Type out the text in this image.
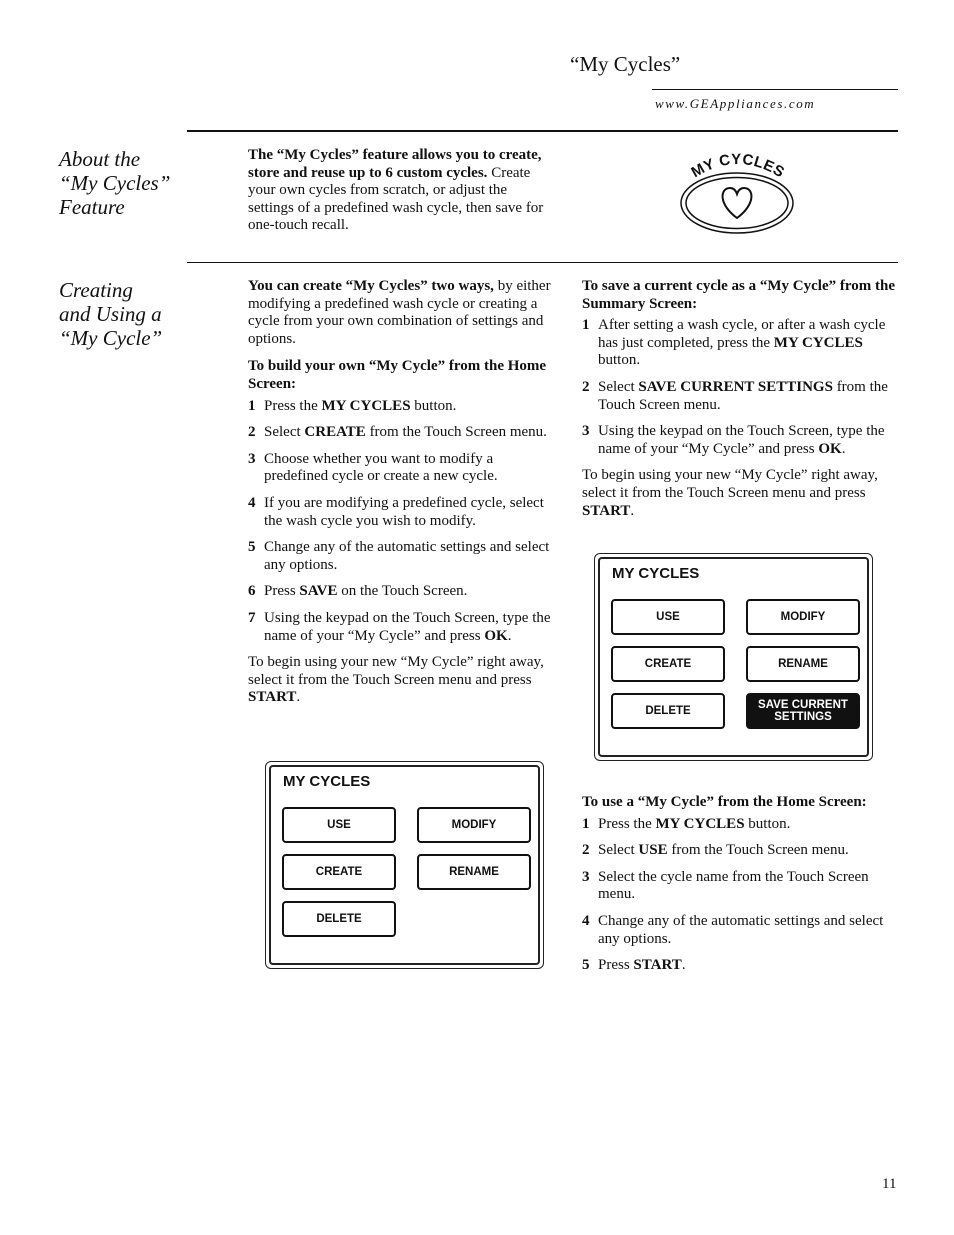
“My Cycles”
www.GEAppliances.com
About the
“My Cycles”
Feature
The “My Cycles” feature allows you to create, store and reuse up to 6 custom cycles. Create your own cycles from scratch, or adjust the settings of a predefined wash cycle, then save for one-touch recall.
MY CYCLES
Creating
and Using a
“My Cycle”

You can create “My Cycles” two ways, by either modifying a predefined wash cycle or creating a cycle from your own combination of settings and options.

To build your own “My Cycle” from the Home Screen:

1 Press the MY CYCLES button.
2 Select CREATE from the Touch Screen menu.
3 Choose whether you want to modify a predefined cycle or create a new cycle.
4 If you are modifying a predefined cycle, select the wash cycle you wish to modify.
5 Change any of the automatic settings and select any options.
6 Press SAVE on the Touch Screen.
7 Using the keypad on the Touch Screen, type the name of your “My Cycle” and press OK.

To begin using your new “My Cycle” right away, select it from the Touch Screen menu and press START.

To save a current cycle as a “My Cycle” from the Summary Screen:

1 After setting a wash cycle, or after a wash cycle has just completed, press the MY CYCLES button.
2 Select SAVE CURRENT SETTINGS from the Touch Screen menu.
3 Using the keypad on the Touch Screen, type the name of your “My Cycle” and press OK.

To begin using your new “My Cycle” right away, select it from the Touch Screen menu and press START.

To use a “My Cycle” from the Home Screen:

1 Press the MY CYCLES button.
2 Select USE from the Touch Screen menu.
3 Select the cycle name from the Touch Screen menu.
4 Change any of the automatic settings and select any options.
5 Press START.
MY CYCLES
USE	MODIFY
CREATE	RENAME
DELETE	SAVE CURRENT
SETTINGS
MY CYCLES
USE	MODIFY
CREATE	RENAME
DELETE
11
